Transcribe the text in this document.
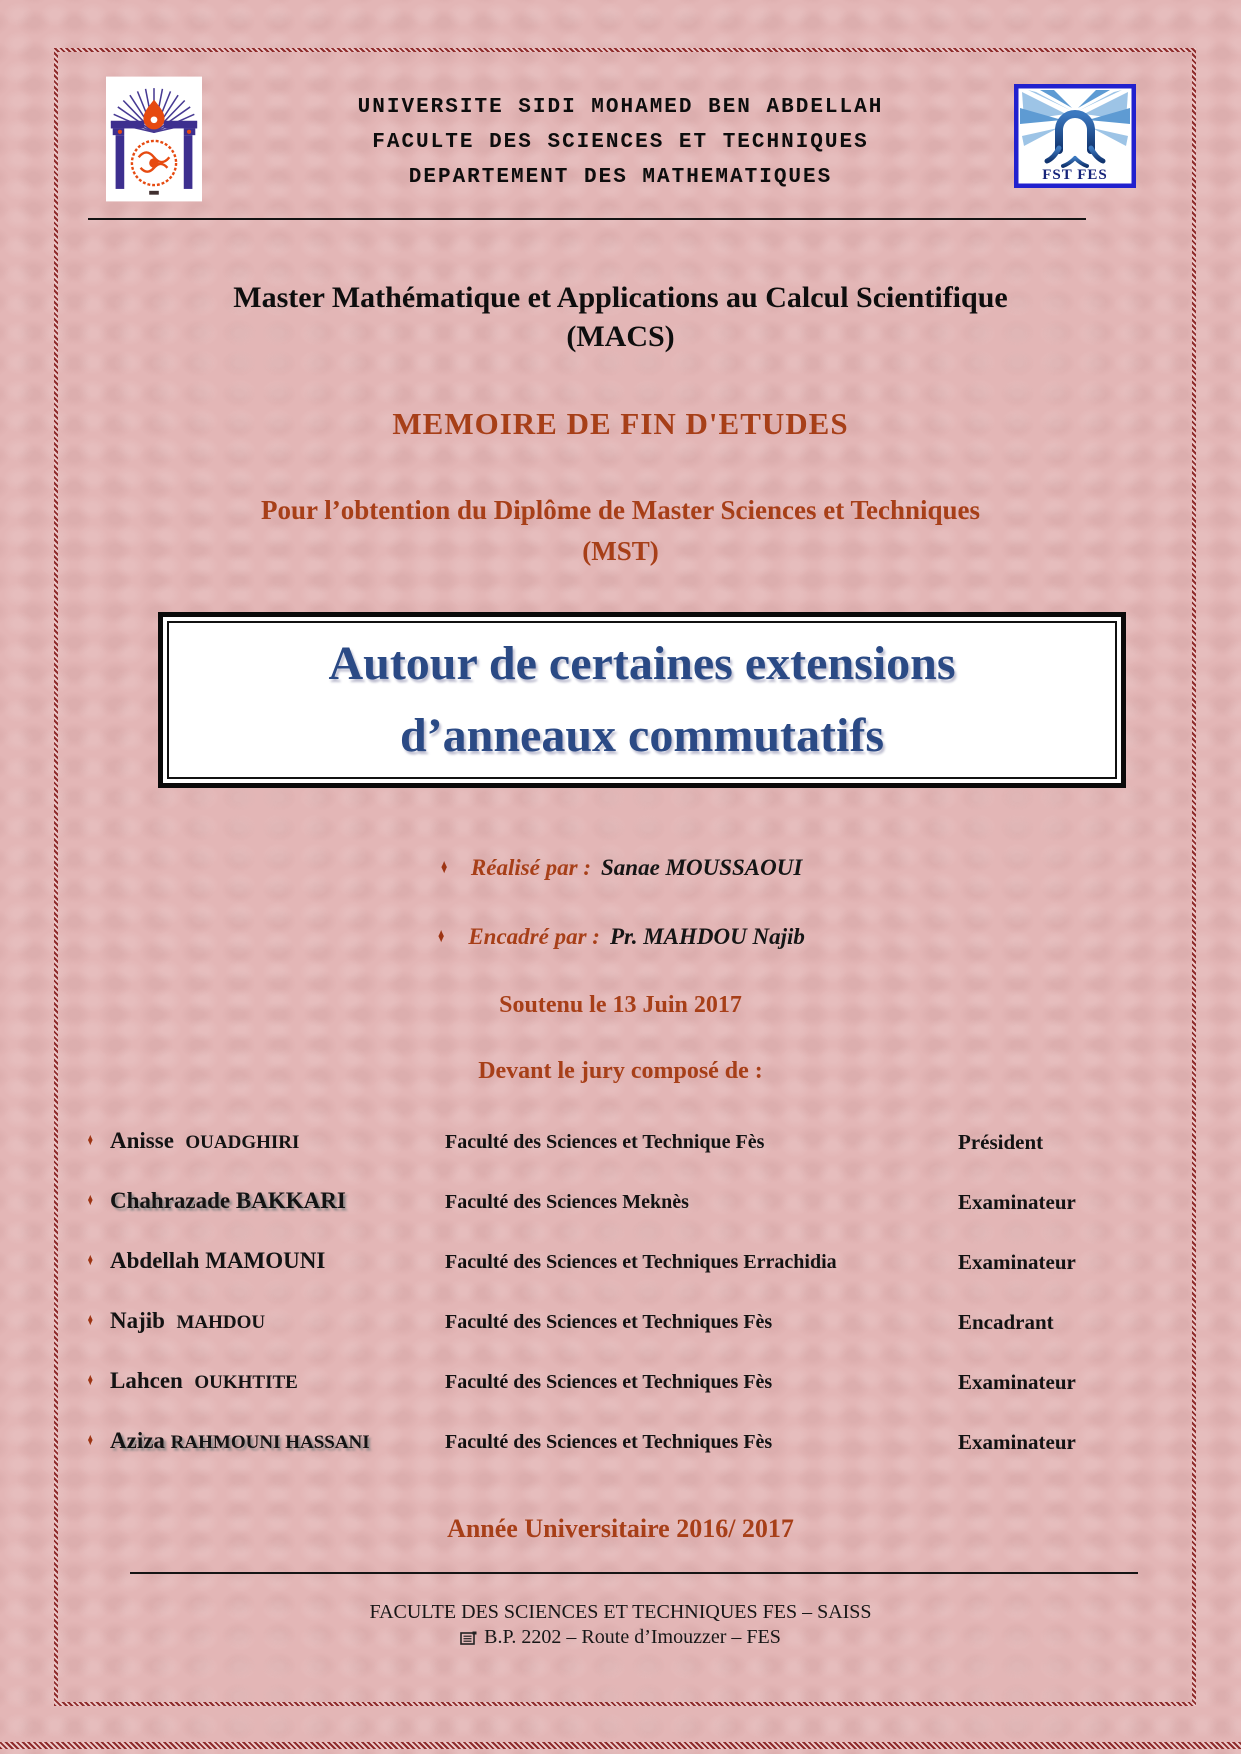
FST FES
UNIVERSITE SIDI MOHAMED BEN ABDELLAH
FACULTE DES SCIENCES ET TECHNIQUES
DEPARTEMENT DES MATHEMATIQUES
Master Mathématique et Applications au Calcul Scientifique
(MACS)
MEMOIRE DE FIN D'ETUDES
Pour l’obtention du Diplôme de Master Sciences et Techniques
(MST)
Autour de certaines extensions
d’anneaux commutatifs
♦ Réalisé par : Sanae MOUSSAOUI
♦ Encadré par : Pr. MAHDOU Najib
Soutenu le 13 Juin 2017
Devant le jury composé de :
♦ Anisse OUADGHIRI	Faculté des Sciences et Technique Fès	Président
♦ Chahrazade BAKKARI	Faculté des Sciences Meknès	Examinateur
♦ Abdellah MAMOUNI	Faculté des Sciences et Techniques Errachidia	Examinateur
♦ Najib MAHDOU	Faculté des Sciences et Techniques Fès	Encadrant
♦ Lahcen OUKHTITE	Faculté des Sciences et Techniques Fès	Examinateur
♦ Aziza RAHMOUNI HASSANI	Faculté des Sciences et Techniques Fès	Examinateur
Année Universitaire 2016/ 2017
FACULTE DES SCIENCES ET TECHNIQUES FES – SAISS
B.P. 2202 – Route d’Imouzzer – FES
